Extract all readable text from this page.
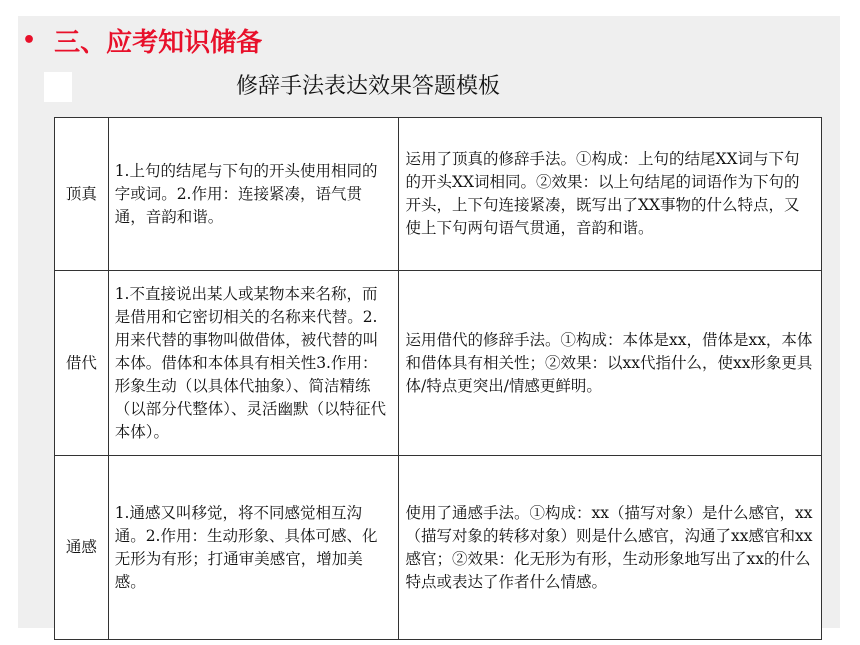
• 三、应考知识储备
修辞手法表达效果答题模板
顶真	1.上句的结尾与下句的开头使用相同的字或词。2.作用：连接紧凑，语气贯通，音韵和谐。	运用了顶真的修辞手法。①构成：上句的结尾XX词与下句的开头XX词相同。②效果：以上句结尾的词语作为下句的开头，上下句连接紧凑，既写出了XX事物的什么特点，又使上下句两句语气贯通，音韵和谐。
借代	1.不直接说出某人或某物本来名称，而是借用和它密切相关的名称来代替。2. 用来代替的事物叫做借体，被代替的叫本体。借体和本体具有相关性3.作用：形象生动（以具体代抽象）、简洁精练（以部分代整体）、灵活幽默（以特征代本体）。	运用借代的修辞手法。①构成：本体是xx，借体是xx，本体和借体具有相关性；②效果：以xx代指什么，使xx形象更具体/特点更突出/情感更鲜明。
通感	1.通感又叫移觉，将不同感觉相互沟通。2.作用：生动形象、具体可感、化无形为有形；打通审美感官，增加美感。	使用了通感手法。①构成：xx（描写对象）是什么感官，xx（描写对象的转移对象）则是什么感官，沟通了xx感官和xx感官；②效果：化无形为有形，生动形象地写出了xx的什么特点或表达了作者什么情感。
